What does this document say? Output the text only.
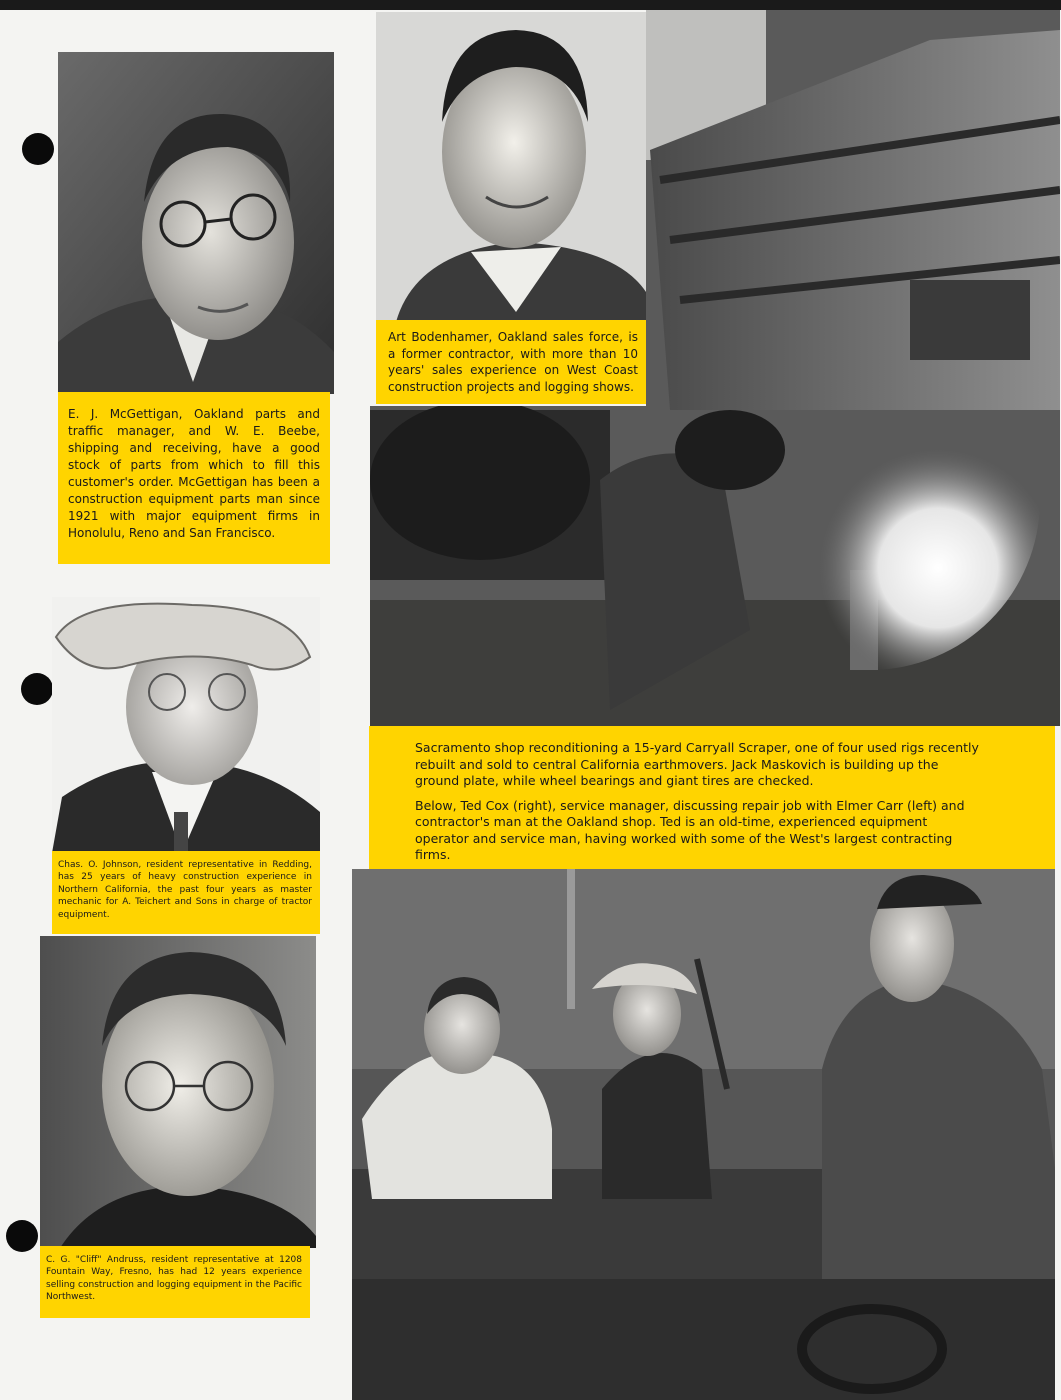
E. J. McGettigan, Oakland parts and traffic manager, and W. E. Beebe, shipping and receiving, have a good stock of parts from which to fill this customer's order. McGettigan has been a construction equipment parts man since 1921 with major equipment firms in Honolulu, Reno and San Francisco.

Art Bodenhamer, Oakland sales force, is a former contractor, with more than 10 years' sales experience on West Coast construction projects and logging shows.

Sacramento shop reconditioning a 15-yard Carryall Scraper, one of four used rigs recently rebuilt and sold to central California earthmovers. Jack Maskovich is building up the ground plate, while wheel bearings and giant tires are checked.

Below, Ted Cox (right), service manager, discussing repair job with Elmer Carr (left) and contractor's man at the Oakland shop. Ted is an old-time, experienced equipment operator and service man, having worked with some of the West's largest contracting firms.

Chas. O. Johnson, resident representative in Redding, has 25 years of heavy construction experience in Northern California, the past four years as master mechanic for A. Teichert and Sons in charge of tractor equipment.

C. G. "Cliff" Andruss, resident representative at 1208 Fountain Way, Fresno, has had 12 years experience selling construction and logging equipment in the Pacific Northwest.
